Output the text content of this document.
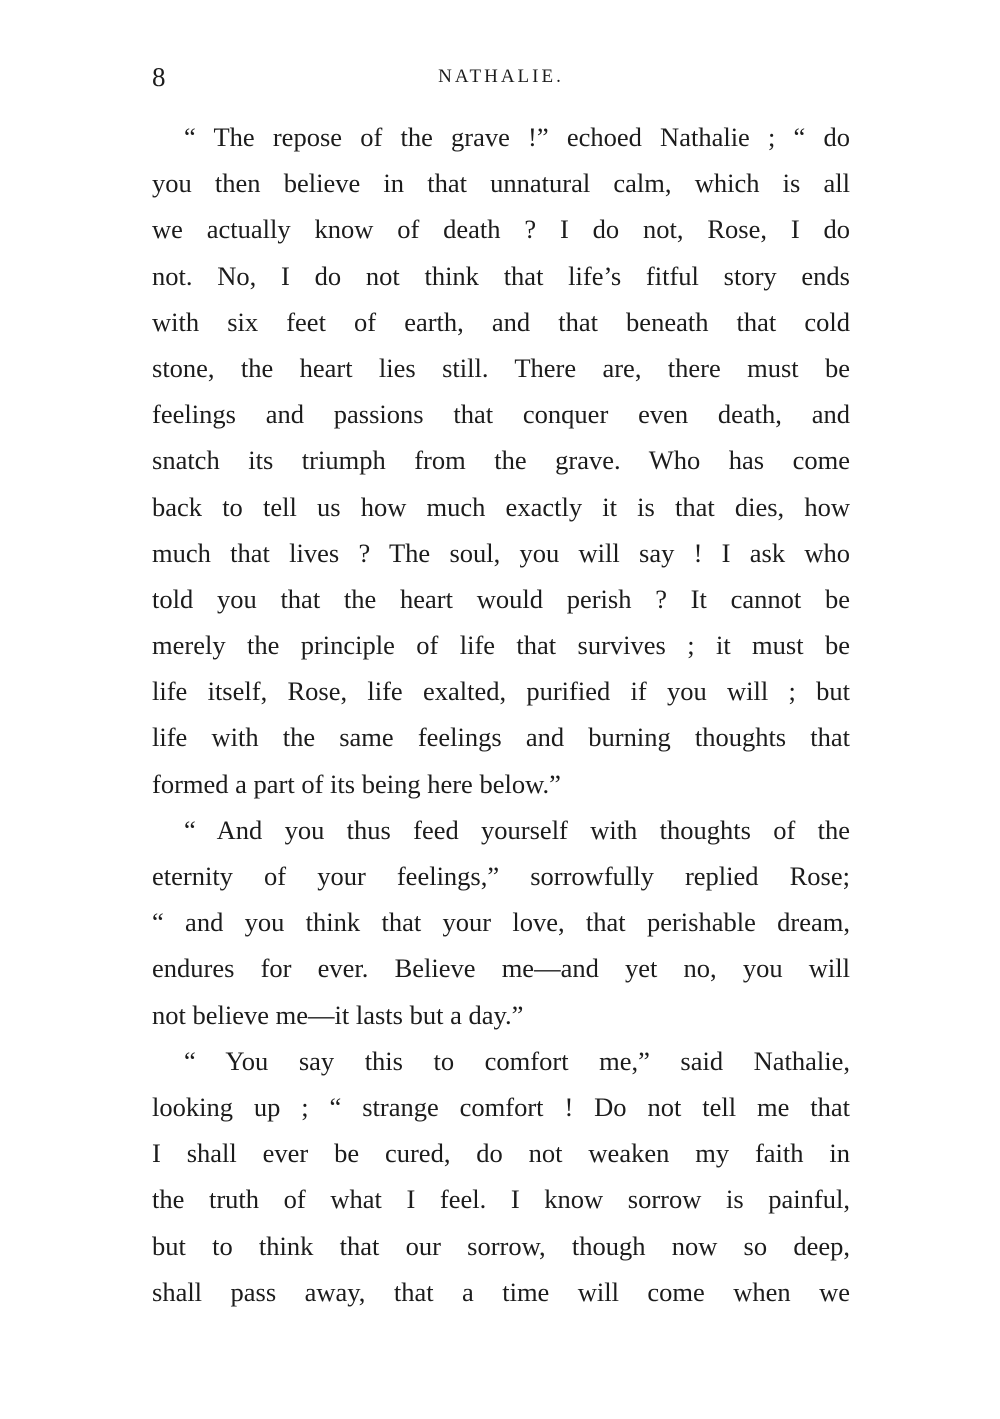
8	NATHALIE.
“ The repose of the grave !” echoed Nathalie ; “ do
you then believe in that unnatural calm, which is all
we actually know of death ? I do not, Rose, I do
not. No, I do not think that life’s fitful story ends
with six feet of earth, and that beneath that cold
stone, the heart lies still. There are, there must be
feelings and passions that conquer even death, and
snatch its triumph from the grave. Who has come
back to tell us how much exactly it is that dies, how
much that lives ? The soul, you will say ! I ask who
told you that the heart would perish ? It cannot be
merely the principle of life that survives ; it must be
life itself, Rose, life exalted, purified if you will ; but
life with the same feelings and burning thoughts that
formed a part of its being here below.”
“ And you thus feed yourself with thoughts of the
eternity of your feelings,” sorrowfully replied Rose;
“ and you think that your love, that perishable dream,
endures for ever. Believe me—and yet no, you will
not believe me—it lasts but a day.”
“ You say this to comfort me,” said Nathalie,
looking up ; “ strange comfort ! Do not tell me that
I shall ever be cured, do not weaken my faith in
the truth of what I feel. I know sorrow is painful,
but to think that our sorrow, though now so deep,
shall pass away, that a time will come when we
